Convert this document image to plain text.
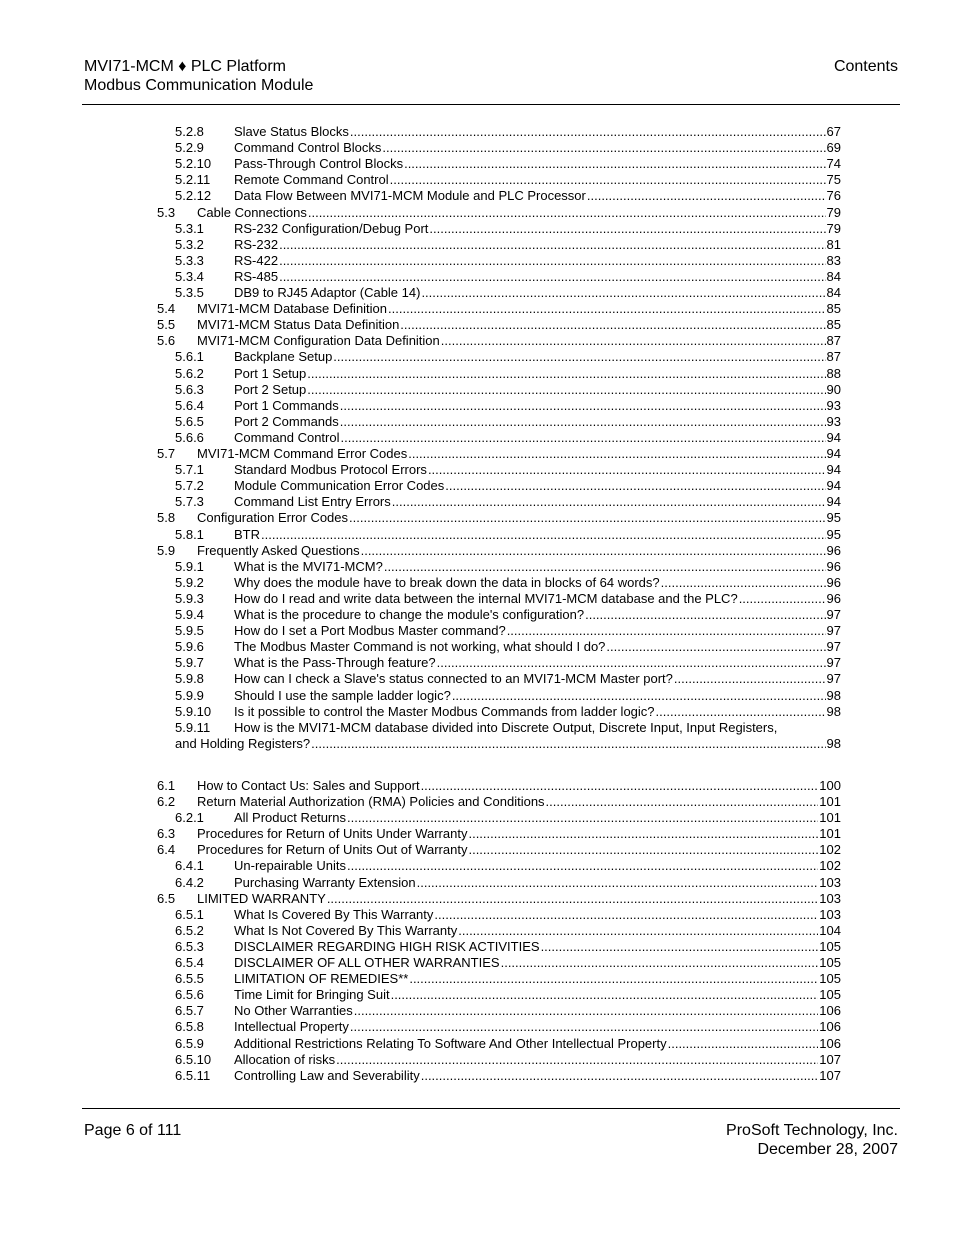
MVI71-MCM ♦ PLC Platform
Modbus Communication Module
Contents
5.2.8	Slave Status Blocks .....	67
5.2.9	Command Control Blocks .....	69
5.2.10	Pass-Through Control Blocks .....	74
5.2.11	Remote Command Control .....	75
5.2.12	Data Flow Between MVI71-MCM Module and PLC Processor .....	76
5.3	Cable Connections .....	79
5.3.1	RS-232 Configuration/Debug Port .....	79
5.3.2	RS-232 .....	81
5.3.3	RS-422 .....	83
5.3.4	RS-485 .....	84
5.3.5	DB9 to RJ45 Adaptor (Cable 14) .....	84
5.4	MVI71-MCM Database Definition .....	85
5.5	MVI71-MCM Status Data Definition .....	85
5.6	MVI71-MCM Configuration Data Definition .....	87
5.6.1	Backplane Setup .....	87
5.6.2	Port 1 Setup .....	88
5.6.3	Port 2 Setup .....	90
5.6.4	Port 1 Commands .....	93
5.6.5	Port 2 Commands .....	93
5.6.6	Command Control .....	94
5.7	MVI71-MCM Command Error Codes .....	94
5.7.1	Standard Modbus Protocol Errors .....	94
5.7.2	Module Communication Error Codes .....	94
5.7.3	Command List Entry Errors .....	94
5.8	Configuration Error Codes .....	95
5.8.1	BTR .....	95
5.9	Frequently Asked Questions .....	96
5.9.1	What is the MVI71-MCM? .....	96
5.9.2	Why does the module have to break down the data in blocks of 64 words? .....	96
5.9.3	How do I read and write data between the internal MVI71-MCM database and the PLC? .....	96
5.9.4	What is the procedure to change the module's configuration? .....	97
5.9.5	How do I set a Port Modbus Master command? .....	97
5.9.6	The Modbus Master Command is not working, what should I do? .....	97
5.9.7	What is the Pass-Through feature? .....	97
5.9.8	How can I check a Slave's status connected to an MVI71-MCM Master port? .....	97
5.9.9	Should I use the sample ladder logic? .....	98
5.9.10	Is it possible to control the Master Modbus Commands from ladder logic? .....	98
5.9.11	How is the MVI71-MCM database divided into Discrete Output, Discrete Input, Input Registers,
and Holding Registers? .....	98
6.1	How to Contact Us: Sales and Support .....	100
6.2	Return Material Authorization (RMA) Policies and Conditions .....	101
6.2.1	All Product Returns .....	101
6.3	Procedures for Return of Units Under Warranty .....	101
6.4	Procedures for Return of Units Out of Warranty .....	102
6.4.1	Un-repairable Units .....	102
6.4.2	Purchasing Warranty Extension .....	103
6.5	LIMITED WARRANTY .....	103
6.5.1	What Is Covered By This Warranty .....	103
6.5.2	What Is Not Covered By This Warranty .....	104
6.5.3	DISCLAIMER REGARDING HIGH RISK ACTIVITIES .....	105
6.5.4	DISCLAIMER OF ALL OTHER WARRANTIES .....	105
6.5.5	LIMITATION OF REMEDIES** .....	105
6.5.6	Time Limit for Bringing Suit .....	105
6.5.7	No Other Warranties .....	106
6.5.8	Intellectual Property .....	106
6.5.9	Additional Restrictions Relating To Software And Other Intellectual Property .....	106
6.5.10	Allocation of risks .....	107
6.5.11	Controlling Law and Severability .....	107
Page 6 of 111	ProSoft Technology, Inc.
December 28, 2007
